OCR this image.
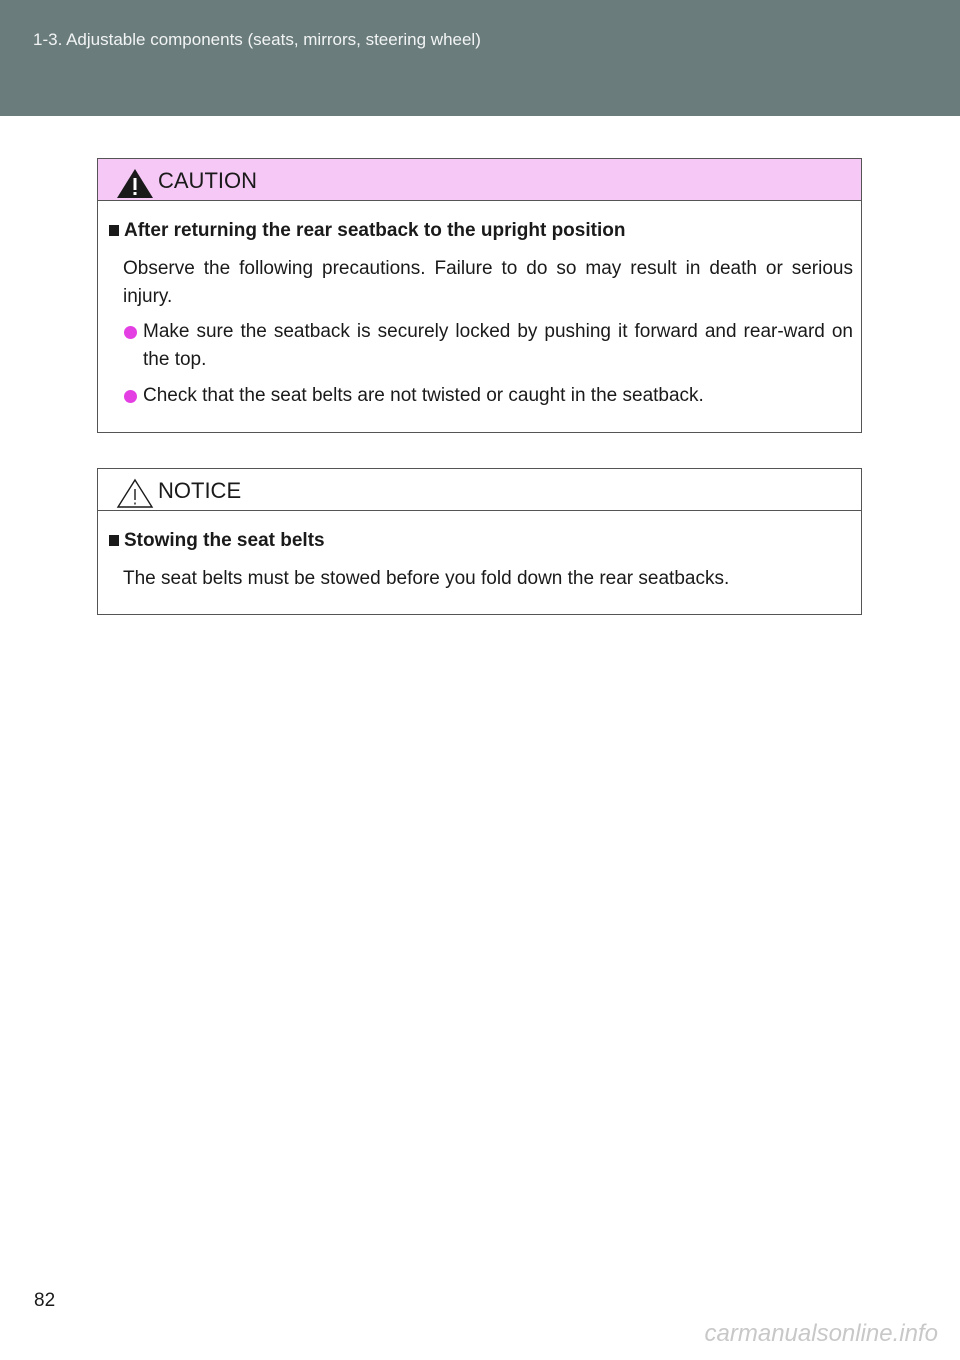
1-3. Adjustable components (seats, mirrors, steering wheel)
CAUTION
After returning the rear seatback to the upright position
Observe the following precautions. Failure to do so may result in death or serious injury.
Make sure the seatback is securely locked by pushing it forward and rear-ward on the top.
Check that the seat belts are not twisted or caught in the seatback.
NOTICE
Stowing the seat belts
The seat belts must be stowed before you fold down the rear seatbacks.
82
carmanualsonline.info
